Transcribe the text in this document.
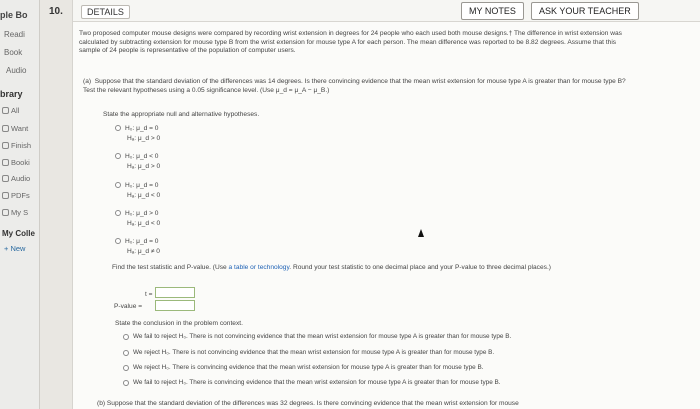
ple Bo
Readi
Book
Audio
brary
All
Want
Finish
Booki
Audio
PDFs
My S
My Colle
+ New
10.	DETAILS	MY NOTES	ASK YOUR TEACHER
Two proposed computer mouse designs were compared by recording wrist extension in degrees for 24 people who each used both mouse designs.† The difference in wrist extension was calculated by subtracting extension for mouse type B from the wrist extension for mouse type A for each person. The mean difference was reported to be 8.82 degrees. Assume that this sample of 24 people is representative of the population of computer users.
(a) Suppose that the standard deviation of the differences was 14 degrees. Is there convincing evidence that the mean wrist extension for mouse type A is greater than for mouse type B? Test the relevant hypotheses using a 0.05 significance level. (Use μ_d = μ_A − μ_B.)
State the appropriate null and alternative hypotheses.
H₀: μ_d = 0
Hₐ: μ_d > 0
H₀: μ_d < 0
Hₐ: μ_d > 0
H₀: μ_d = 0
Hₐ: μ_d < 0
H₀: μ_d > 0
Hₐ: μ_d < 0
H₀: μ_d = 0
Hₐ: μ_d ≠ 0
Find the test statistic and P-value. (Use a table or technology. Round your test statistic to one decimal place and your P-value to three decimal places.)
t =
P-value =
State the conclusion in the problem context.
We fail to reject H₀. There is not convincing evidence that the mean wrist extension for mouse type A is greater than for mouse type B.
We reject H₀. There is not convincing evidence that the mean wrist extension for mouse type A is greater than for mouse type B.
We reject H₀. There is convincing evidence that the mean wrist extension for mouse type A is greater than for mouse type B.
We fail to reject H₀. There is convincing evidence that the mean wrist extension for mouse type A is greater than for mouse type B.
(b) Suppose that the standard deviation of the differences was 32 degrees. Is there convincing evidence that the mean wrist extension for mouse
